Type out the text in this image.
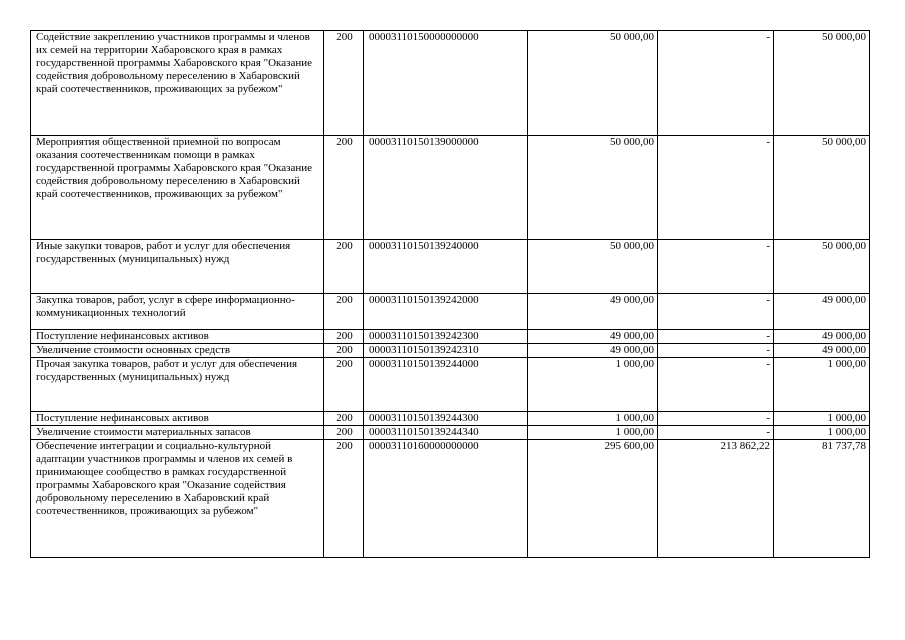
Содействие закреплению участников программы и членов их семей на территории Хабаровского края в рамках государственной программы Хабаровского края "Оказание содействия добровольному переселению в Хабаровский край соотечественников, проживающих за рубежом"	200	00003110150000000000	50 000,00	-	50 000,00
Мероприятия общественной приемной по вопросам оказания соотечественникам помощи в рамках государственной программы Хабаровского края "Оказание содействия добровольному переселению в Хабаровский край соотечественников, проживающих за рубежом"	200	00003110150139000000	50 000,00	-	50 000,00
Иные закупки товаров, работ и услуг для обеспечения государственных (муниципальных) нужд	200	00003110150139240000	50 000,00	-	50 000,00
Закупка товаров, работ, услуг в сфере информационно-коммуникационных технологий	200	00003110150139242000	49 000,00	-	49 000,00
Поступление нефинансовых активов	200	00003110150139242300	49 000,00	-	49 000,00
Увеличение стоимости основных средств	200	00003110150139242310	49 000,00	-	49 000,00
Прочая закупка товаров, работ и услуг для обеспечения государственных (муниципальных) нужд	200	00003110150139244000	1 000,00	-	1 000,00
Поступление нефинансовых активов	200	00003110150139244300	1 000,00	-	1 000,00
Увеличение стоимости материальных запасов	200	00003110150139244340	1 000,00	-	1 000,00
Обеспечение интеграции и социально-культурной адаптации участников программы и членов их семей в принимающее сообщество в рамках государственной программы Хабаровского края "Оказание содействия добровольному переселению в Хабаровский край соотечественников, проживающих за рубежом"	200	00003110160000000000	295 600,00	213 862,22	81 737,78
